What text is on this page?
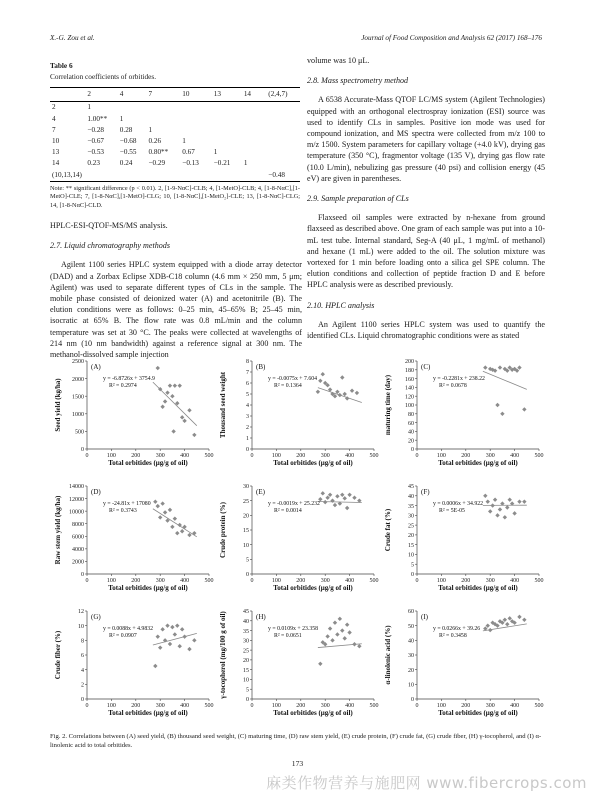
X.-G. Zou et al.	Journal of Food Composition and Analysis 62 (2017) 168–176
Table 6
Correlation coefficients of orbitides.
	2	4	7	10	13	14	(2,4,7)
2	1						
4	1.00**	1					
7	−0.28	0.28	1				
10	−0.67	−0.68	0.26	1			
13	−0.53	−0.55	0.80**	0.67	1		
14	0.23	0.24	−0.29	−0.13	−0.21	1	
(10,13,14)							−0.48
Note: ** significant difference (p < 0.01). 2, [1-9-NαC]-CLB; 4, [1-MetO]-CLB; 4, [1-8-NαC],[1-MetO]-CLE; 7, [1-8-NαC],[1-MetO]-CLG; 10, [1-8-NαC],[1-MetO₂]-CLE; 13, [1-8-NαC]-CLG; 14, [1-8-NαC]-CLD.

HPLC-ESI-QTOF-MS/MS analysis.

2.7. Liquid chromatography methods

Agilent 1100 series HPLC system equipped with a diode array detector (DAD) and a Zorbax Eclipse XDB-C18 column (4.6 mm × 250 mm, 5 μm; Agilent) was used to separate different types of CLs in the sample. The mobile phase consisted of deionized water (A) and acetonitrile (B). The elution conditions were as follows: 0–25 min, 45–65% B; 25–45 min, isocratic at 65% B. The flow rate was 0.8 mL/min and the column temperature was set at 30 °C. The peaks were collected at wavelengths of 214 nm (10 nm bandwidth) against a reference signal at 300 nm. The methanol-dissolved sample injection

volume was 10 μL.

2.8. Mass spectrometry method

A 6538 Accurate-Mass QTOF LC/MS system (Agilent Technologies) equipped with an orthogonal electrospray ionization (ESI) source was used to identify CLs in samples. Positive ion mode was used for compound ionization, and MS spectra were collected from m/z 100 to m/z 1500. System parameters for capillary voltage (+4.0 kV), drying gas temperature (350 °C), fragmentor voltage (135 V), drying gas flow rate (10.0 L/min), nebulizing gas pressure (40 psi) and collision energy (45 eV) are given in parentheses.

2.9. Sample preparation of CLs

Flaxseed oil samples were extracted by n-hexane from ground flaxseed as described above. One gram of each sample was put into a 10-mL test tube. Internal standard, Seg-A (40 μL, 1 mg/mL of methanol) and hexane (1 mL) were added to the oil. The solution mixture was vortexed for 1 min before loading onto a silica gel SPE column. The elution conditions and collection of peptide fraction D and E before HPLC analysis were as described previously.

2.10. HPLC analysis

An Agilent 1100 series HPLC system was used to quantify the identified CLs. Liquid chromatographic conditions were as stated

0
500
1000
1500
2000
2500
0	100	200	300	400	500
Total orbitides (μg/g of oil)
Seed yield (kg/ha)
(A)
y = -6.8726x + 3754.9
R² = 0.2974
0
1
2
3
4
5
6
7
8
0	100	200	300	400	500
Total orbitides (μg/g of oil)
Thousand seed weight
(B)
y = -0.0075x + 7.604
R² = 0.1364
0
20
40
60
80
100
120
140
160
180
200
0	100	200	300	400	500
Total orbitides (μg/g of oil)
maturing time (day)
(C)
y = -0.2281x + 238.22
R² = 0.0678
0
2000
4000
6000
8000
10000
12000
14000
0	100	200	300	400	500
Total orbitides (μg/g of oil)
Raw stem yield (kg/ha)
(D)
y = -24.81x + 17080
R² = 0.3743
0
5
10
15
20
25
30
0	100	200	300	400	500
Total orbitides (μg/g of oil)
Crude protein (%)
(E)
y = -0.0019x + 25.232
R² = 0.0014
0
5
10
15
20
25
30
35
40
45
0	100	200	300	400	500
Total orbitides (μg/g of oil)
Crude fat (%)
(F)
y = 0.0006x + 34.922
R² = 5E-05
0
2
4
6
8
10
12
0	100	200	300	400	500
Total orbitides (μg/g of oil)
Crude fiber (%)
(G)
y = 0.0088x + 4.9832
R² = 0.0907
0
5
10
15
20
25
30
35
40
45
0	100	200	300	400	500
Total orbitides (μg/g of oil)
γ-tocopherol (mg/100 g of oil)	(H)
y = 0.0109x + 23.358
R² = 0.0651
0
10
20
30
40
50
60
0	100	200	300	400	500
Total orbitides (μg/g of oil)
α-linolenic acid (%)
(I)
y = 0.0266x + 39.26
R² = 0.3458
Fig. 2. Correlations between (A) seed yield, (B) thousand seed weight, (C) maturing time, (D) raw stem yield, (E) crude protein, (F) crude fat, (G) crude fiber, (H) γ-tocopherol, and (I) α-linolenic acid to total orbitides.
173
麻类作物营养与施肥网 www.fibercrops.com
